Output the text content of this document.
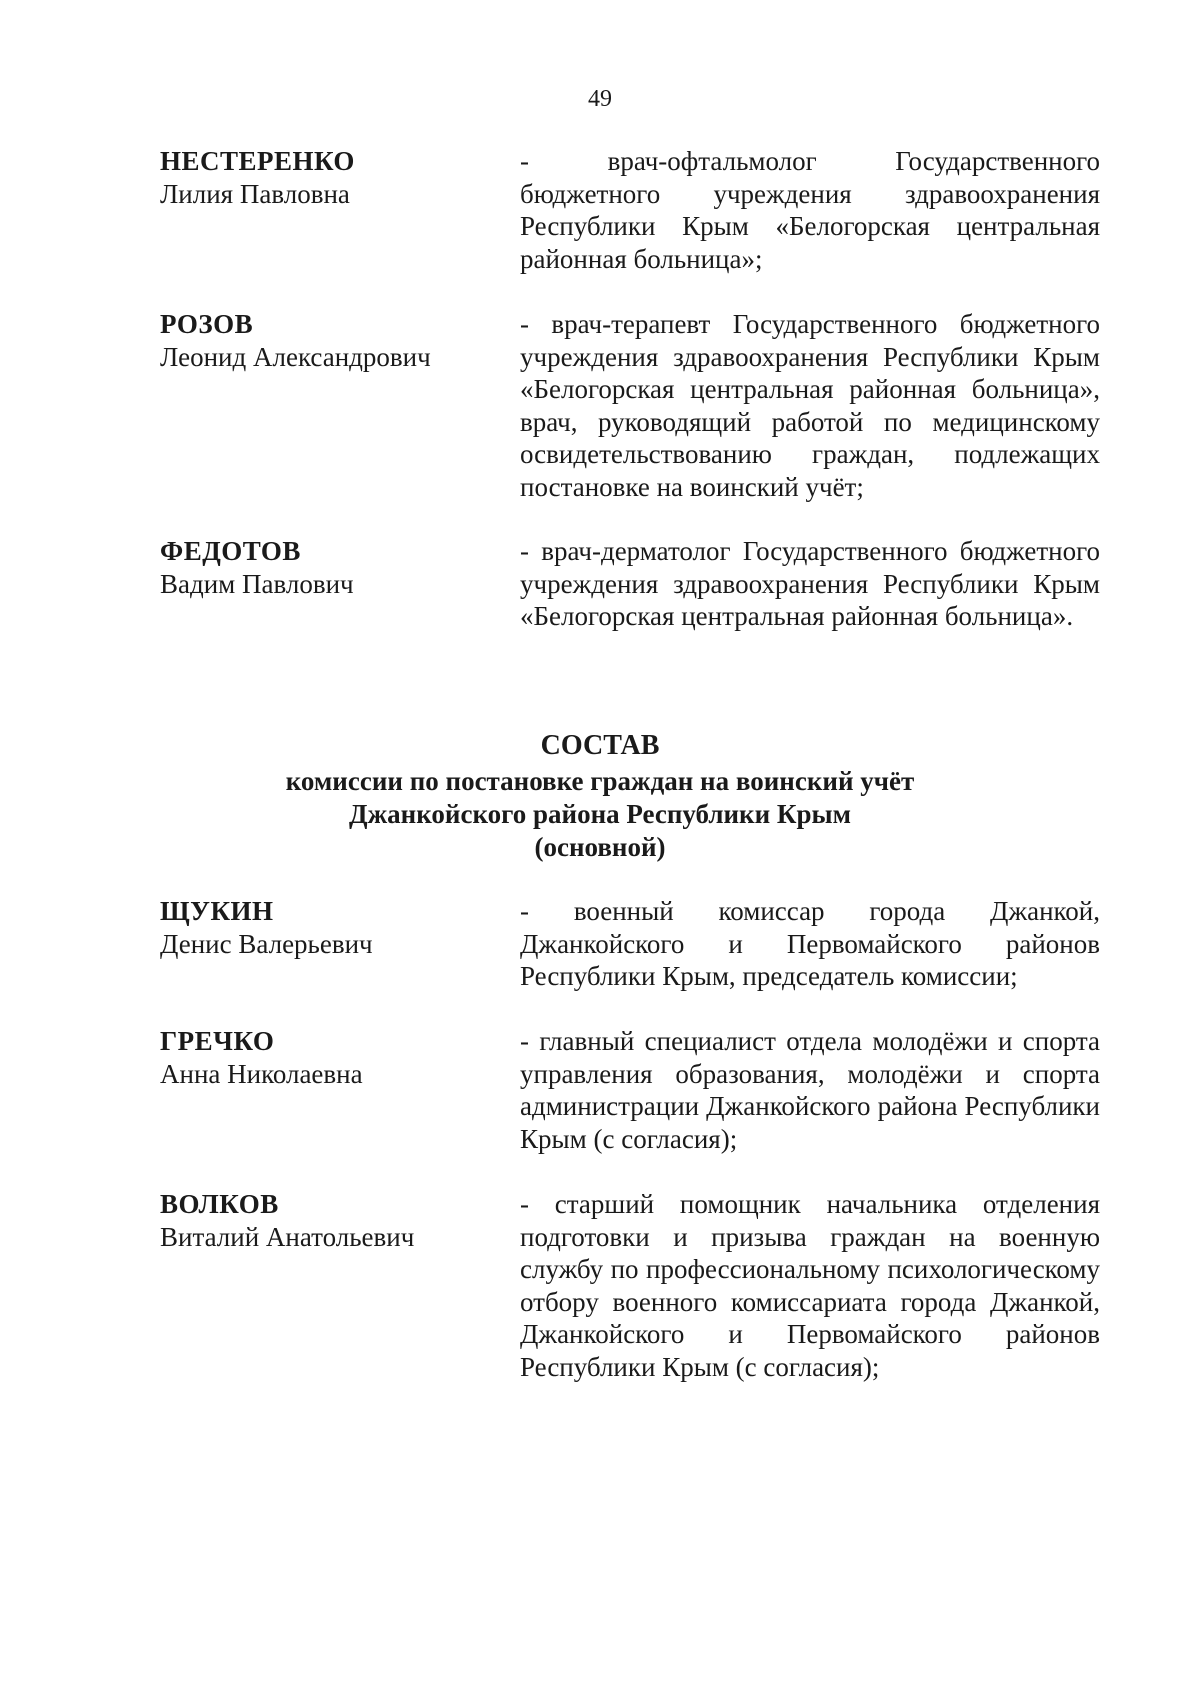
49
НЕСТЕРЕНКО
Лилия Павловна
- врач-офтальмолог Государственного бюджетного учреждения здравоохранения Республики Крым «Белогорская центральная районная больница»;
РОЗОВ
Леонид Александрович
- врач-терапевт Государственного бюджетного учреждения здравоохранения Республики Крым «Белогорская центральная районная больница», врач, руководящий работой по медицинскому освидетельствованию граждан, подлежащих постановке на воинский учёт;
ФЕДОТОВ
Вадим Павлович
- врач-дерматолог Государственного бюджетного учреждения здравоохранения Республики Крым «Белогорская центральная районная больница».
СОСТАВ
комиссии по постановке граждан на воинский учёт
Джанкойского района Республики Крым
(основной)
ЩУКИН
Денис Валерьевич
- военный комиссар города Джанкой, Джанкойского и Первомайского районов Республики Крым, председатель комиссии;
ГРЕЧКО
Анна Николаевна
- главный специалист отдела молодёжи и спорта управления образования, молодёжи и спорта администрации Джанкойского района Республики Крым (с согласия);
ВОЛКОВ
Виталий Анатольевич
- старший помощник начальника отделения подготовки и призыва граждан на военную службу по профессиональному психологическому отбору военного комиссариата города Джанкой, Джанкойского и Первомайского районов Республики Крым (с согласия);
